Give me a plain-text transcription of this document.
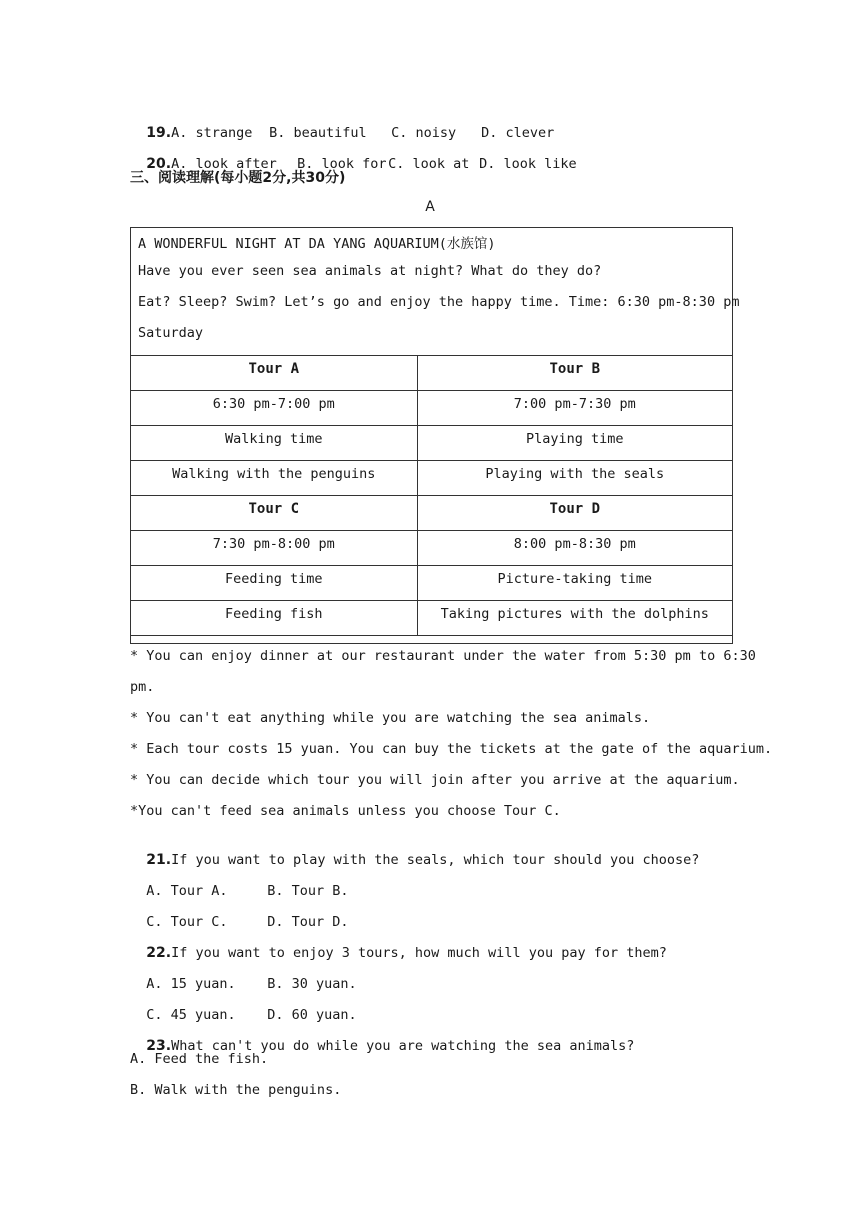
19.A. strange B. beautiful C. noisy D. clever

20.A. look after B. look for C. look at D. look like

三、阅读理解(每小题2分,共30分)
A
A WONDERFUL NIGHT AT DA YANG AQUARIUM(水族馆)
Have you ever seen sea animals at night? What do they do?
Eat? Sleep? Swim? Let’s go and enjoy the happy time. Time: 6:30 pm-8:30 pm
Saturday
Tour A	Tour B
6:30 pm-7:00 pm	7:00 pm-7:30 pm
Walking time	Playing time
Walking with the penguins	Playing with the seals
Tour C	Tour D
7:30 pm-8:00 pm	8:00 pm-8:30 pm
Feeding time	Picture-taking time
Feeding fish	Taking pictures with the dolphins
* You can enjoy dinner at our restaurant under the water from 5:30 pm to 6:30
pm.
* You can't eat anything while you are watching the sea animals.
* Each tour costs 15 yuan. You can buy the tickets at the gate of the aquarium.
* You can decide which tour you will join after you arrive at the aquarium.
*You can't feed sea animals unless you choose Tour C.

21.If you want to play with the seals, which tour should you choose?

A. Tour A.	B. Tour B.

C. Tour C.	D. Tour D.

22.If you want to enjoy 3 tours, how much will you pay for them?

A. 15 yuan. B. 30 yuan.

C. 45 yuan. D. 60 yuan.

23.What can't you do while you are watching the sea animals?

A. Feed the fish.
B. Walk with the penguins.
